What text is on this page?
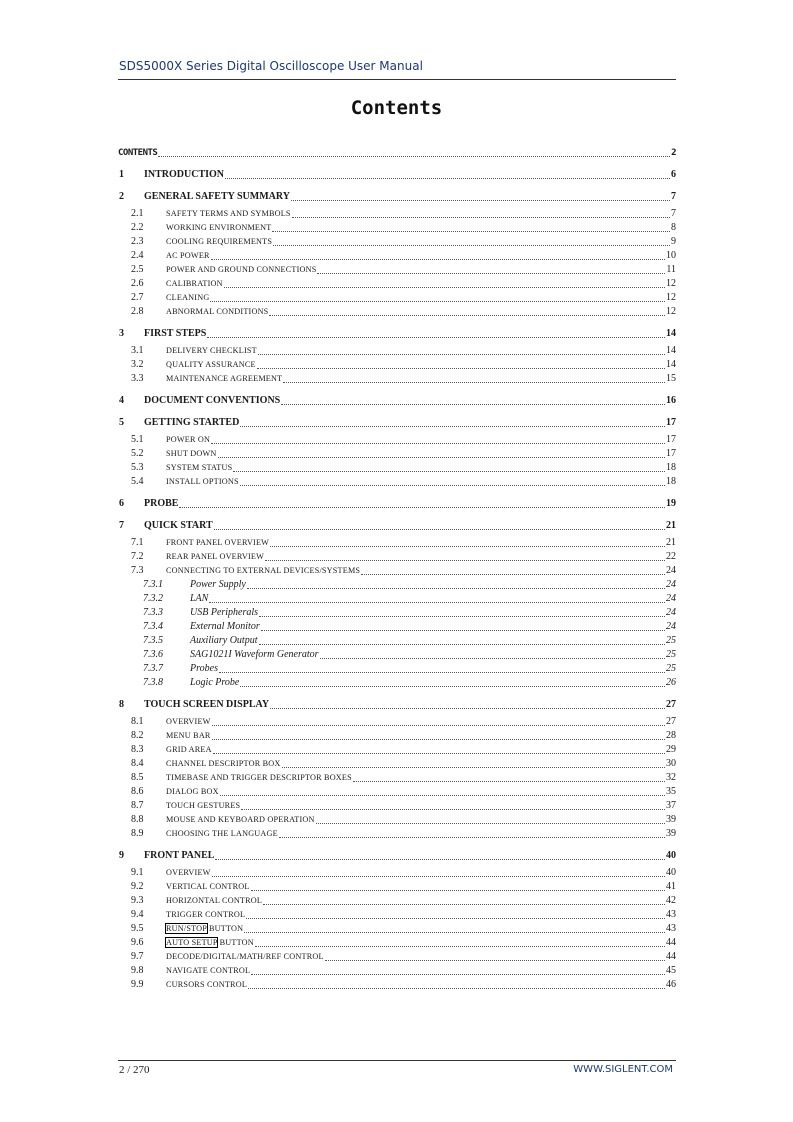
SDS5000X Series Digital Oscilloscope User Manual
Contents
CONTENTS	2
1	INTRODUCTION	6
2	GENERAL SAFETY SUMMARY	7
2.1	SAFETY TERMS AND SYMBOLS	7
2.2	WORKING ENVIRONMENT	8
2.3	COOLING REQUIREMENTS	9
2.4	AC POWER	10
2.5	POWER AND GROUND CONNECTIONS	11
2.6	CALIBRATION	12
2.7	CLEANING	12
2.8	ABNORMAL CONDITIONS	12
3	FIRST STEPS	14
3.1	DELIVERY CHECKLIST	14
3.2	QUALITY ASSURANCE	14
3.3	MAINTENANCE AGREEMENT	15
4	DOCUMENT CONVENTIONS	16
5	GETTING STARTED	17
5.1	POWER ON	17
5.2	SHUT DOWN	17
5.3	SYSTEM STATUS	18
5.4	INSTALL OPTIONS	18
6	PROBE	19
7	QUICK START	21
7.1	FRONT PANEL OVERVIEW	21
7.2	REAR PANEL OVERVIEW	22
7.3	CONNECTING TO EXTERNAL DEVICES/SYSTEMS	24
7.3.1	Power Supply	24
7.3.2	LAN	24
7.3.3	USB Peripherals	24
7.3.4	External Monitor	24
7.3.5	Auxiliary Output	25
7.3.6	SAG1021I Waveform Generator	25
7.3.7	Probes	25
7.3.8	Logic Probe	26
8	TOUCH SCREEN DISPLAY	27
8.1	OVERVIEW	27
8.2	MENU BAR	28
8.3	GRID AREA	29
8.4	CHANNEL DESCRIPTOR BOX	30
8.5	TIMEBASE AND TRIGGER DESCRIPTOR BOXES	32
8.6	DIALOG BOX	35
8.7	TOUCH GESTURES	37
8.8	MOUSE AND KEYBOARD OPERATION	39
8.9	CHOOSING THE LANGUAGE	39
9	FRONT PANEL	40
9.1	OVERVIEW	40
9.2	VERTICAL CONTROL	41
9.3	HORIZONTAL CONTROL	42
9.4	TRIGGER CONTROL	43
9.5	RUN/STOP BUTTON	43
9.6	AUTO SETUP BUTTON	44
9.7	DECODE/DIGITAL/MATH/REF CONTROL	44
9.8	NAVIGATE CONTROL	45
9.9	CURSORS CONTROL	46
2 / 270	WWW.SIGLENT.COM
